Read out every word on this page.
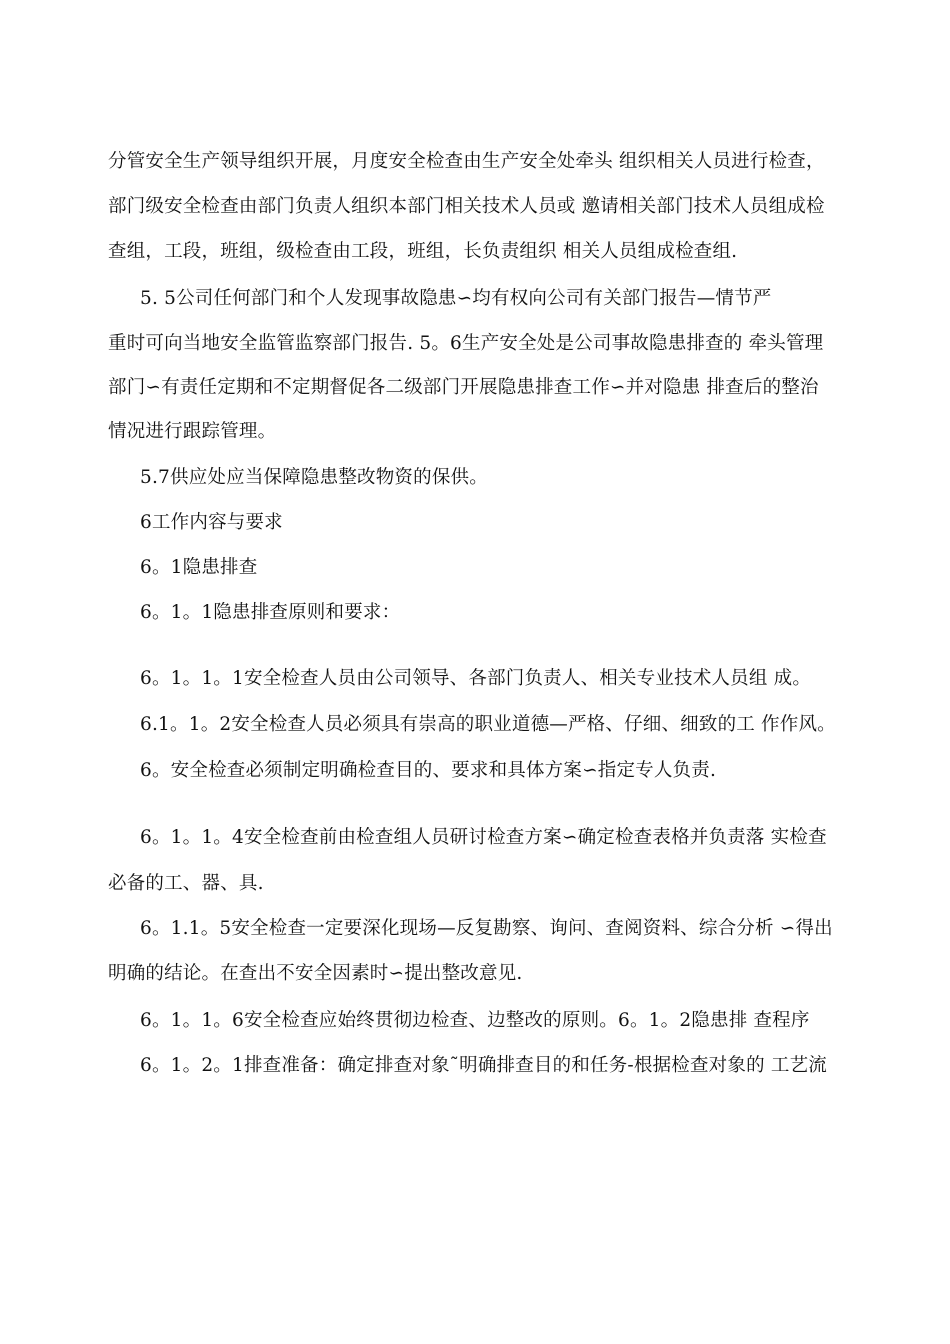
分管安全生产领导组织开展，月度安全检查由生产安全处牵头 组织相关人员进行检查，
部门级安全检查由部门负责人组织本部门相关技术人员或 邀请相关部门技术人员组成检
查组，工段，班组，级检查由工段，班组，长负责组织 相关人员组成检查组.
5. 5公司任何部门和个人发现事故隐患∽均有权向公司有关部门报告—情节严
重时可向当地安全监管监察部门报告. 5。6生产安全处是公司事故隐患排查的 牵头管理
部门∽有责任定期和不定期督促各二级部门开展隐患排查工作∽并对隐患 排查后的整治
情况进行跟踪管理。
5.7供应处应当保障隐患整改物资的保供。
6工作内容与要求
6。1隐患排查
6。1。1隐患排查原则和要求：
6。1。1。1安全检查人员由公司领导、各部门负责人、相关专业技术人员组 成。
6.1。1。2安全检查人员必须具有崇高的职业道德—严格、仔细、细致的工 作作风。
6。安全检查必须制定明确检查目的、要求和具体方案∽指定专人负责.
6。1。1。4安全检查前由检查组人员研讨检查方案∽确定检查表格并负责落 实检查
必备的工、器、具.
6。1.1。5安全检查一定要深化现场—反复勘察、询问、查阅资料、综合分析 ∽得出
明确的结论。在查出不安全因素时∽提出整改意见.
6。1。1。6安全检查应始终贯彻边检查、边整改的原则。6。1。2隐患排 查程序
6。1。2。1排查准备：确定排查对象˜明确排查目的和任务-根据检查对象的 工艺流
